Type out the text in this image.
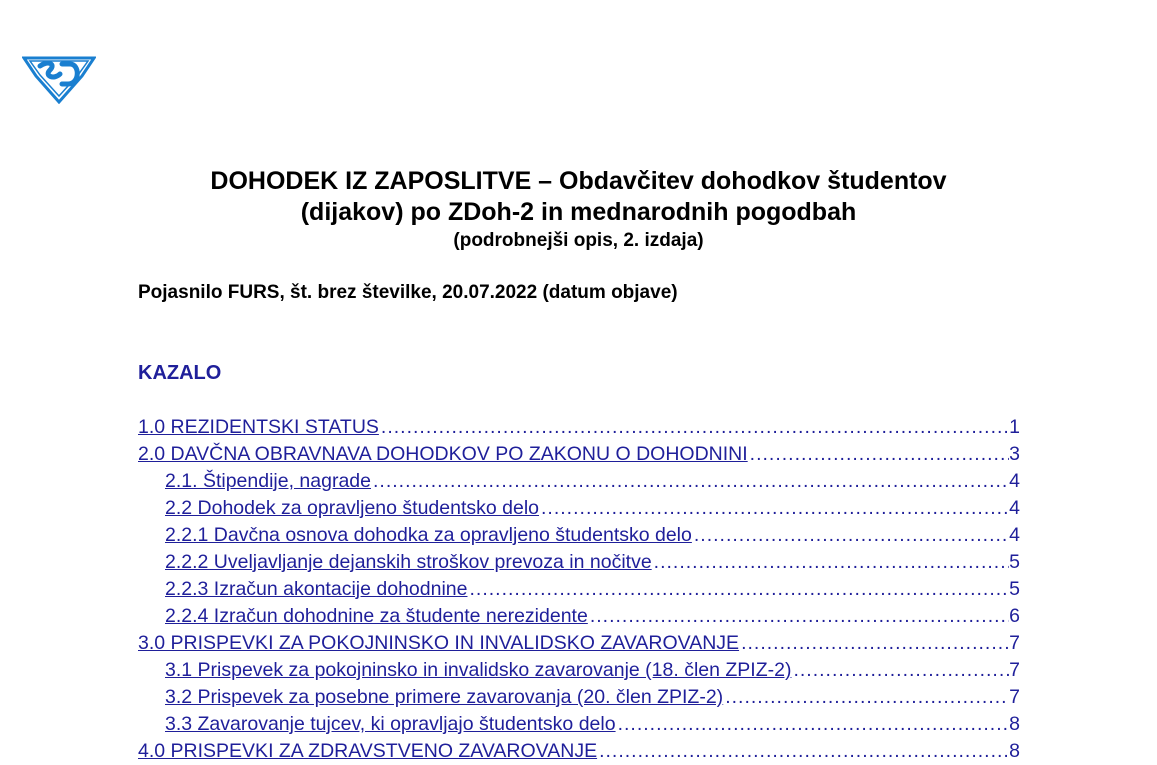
DOHODEK IZ ZAPOSLITVE – Obdavčitev dohodkov študentov
(dijakov) po ZDoh-2 in mednarodnih pogodbah
(podrobnejši opis, 2. izdaja)
Pojasnilo FURS, št. brez številke, 20.07.2022 (datum objave)
KAZALO
1.0 REZIDENTSKI STATUS .....	1
2.0 DAVČNA OBRAVNAVA DOHODKOV PO ZAKONU O DOHODNINI .....	3
2.1. Štipendije, nagrade .....	4
2.2 Dohodek za opravljeno študentsko delo .....	4
2.2.1 Davčna osnova dohodka za opravljeno študentsko delo .....	4
2.2.2 Uveljavljanje dejanskih stroškov prevoza in nočitve .....	5
2.2.3 Izračun akontacije dohodnine .....	5
2.2.4 Izračun dohodnine za študente nerezidente .....	6
3.0 PRISPEVKI ZA POKOJNINSKO IN INVALIDSKO ZAVAROVANJE .....	7
3.1 Prispevek za pokojninsko in invalidsko zavarovanje (18. člen ZPIZ-2) .....	7
3.2 Prispevek za posebne primere zavarovanja (20. člen ZPIZ-2) .....	7
3.3 Zavarovanje tujcev, ki opravljajo študentsko delo .....	8
4.0 PRISPEVKI ZA ZDRAVSTVENO ZAVAROVANJE .....	8
